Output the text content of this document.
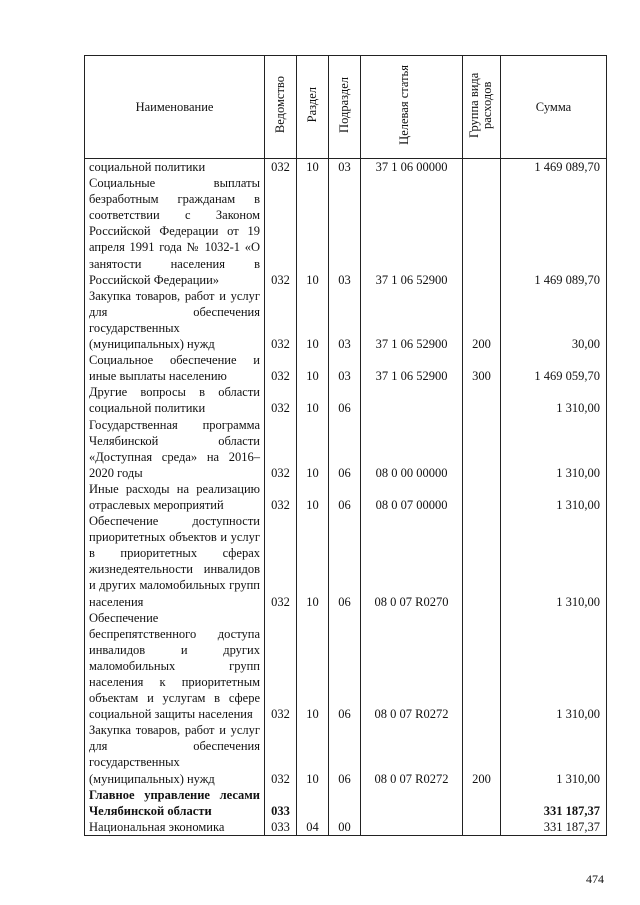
Наименование	Ведомство	Раздел	Подраздел	Целевая статья	Группа вида расходов	Сумма
социальной политики	032	10	03	37 1 06 00000		1 469 089,70
Социальные выплаты безработным гражданам в соответствии с Законом Российской Федерации от 19 апреля 1991 года № 1032-1 «О занятости населения в Российской Федерации»	032	10	03	37 1 06 52900		1 469 089,70
Закупка товаров, работ и услуг для обеспечения государственных (муниципальных) нужд	032	10	03	37 1 06 52900	200	30,00
Социальное обеспечение и иные выплаты населению	032	10	03	37 1 06 52900	300	1 469 059,70
Другие вопросы в области социальной политики	032	10	06			1 310,00
Государственная программа Челябинской области «Доступная среда» на 2016–2020 годы	032	10	06	08 0 00 00000		1 310,00
Иные расходы на реализацию отраслевых мероприятий	032	10	06	08 0 07 00000		1 310,00
Обеспечение доступности приоритетных объектов и услуг в приоритетных сферах жизнедеятельности инвалидов и других маломобильных групп населения	032	10	06	08 0 07 R0270		1 310,00
Обеспечение беспрепятственного доступа инвалидов и других маломобильных групп населения к приоритетным объектам и услугам в сфере социальной защиты населения	032	10	06	08 0 07 R0272		1 310,00
Закупка товаров, работ и услуг для обеспечения государственных (муниципальных) нужд	032	10	06	08 0 07 R0272	200	1 310,00
Главное управление лесами Челябинской области	033					331 187,37
Национальная экономика	033	04	00			331 187,37
474
